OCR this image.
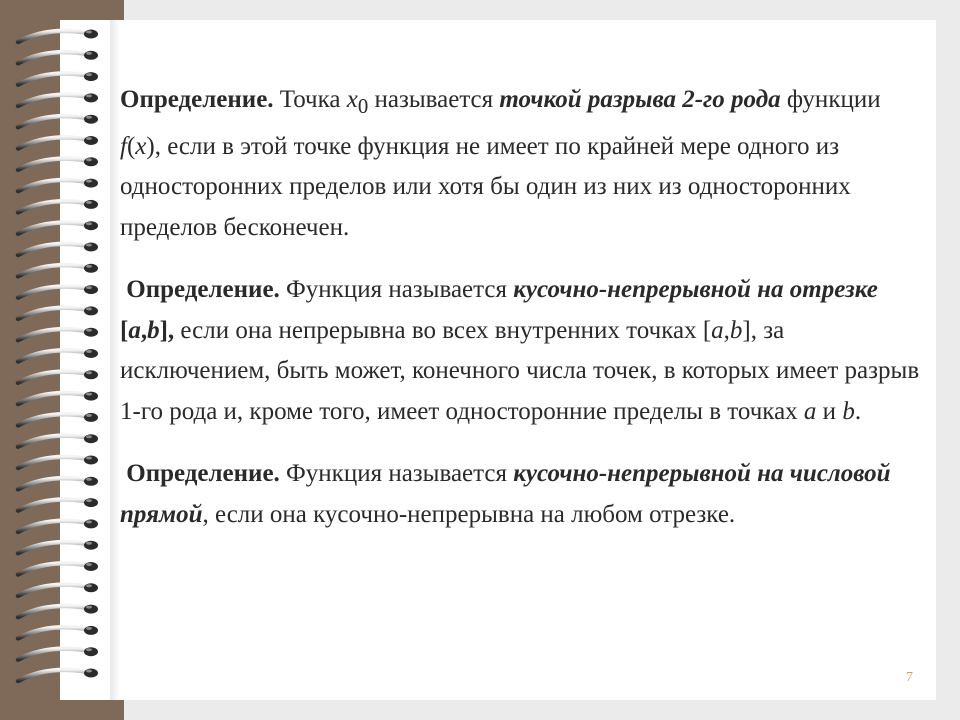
Определение. Точка $x_0$ называется точкой разрыва 2-го рода функции f(x), если в этой точке функция не имеет по крайней мере одного из односторонних пределов или хотя бы один из них из односторонних пределов бесконечен.

Определение. Функция называется кусочно-непрерывной на отрезке [a,b], если она непрерывна во всех внутренних точках [a,b], за исключением, быть может, конечного числа точек, в которых имеет разрыв 1-го рода и, кроме того, имеет односторонние пределы в точках a и b.

Определение. Функция называется кусочно-непрерывной на числовой прямой, если она кусочно-непрерывна на любом отрезке.

7
